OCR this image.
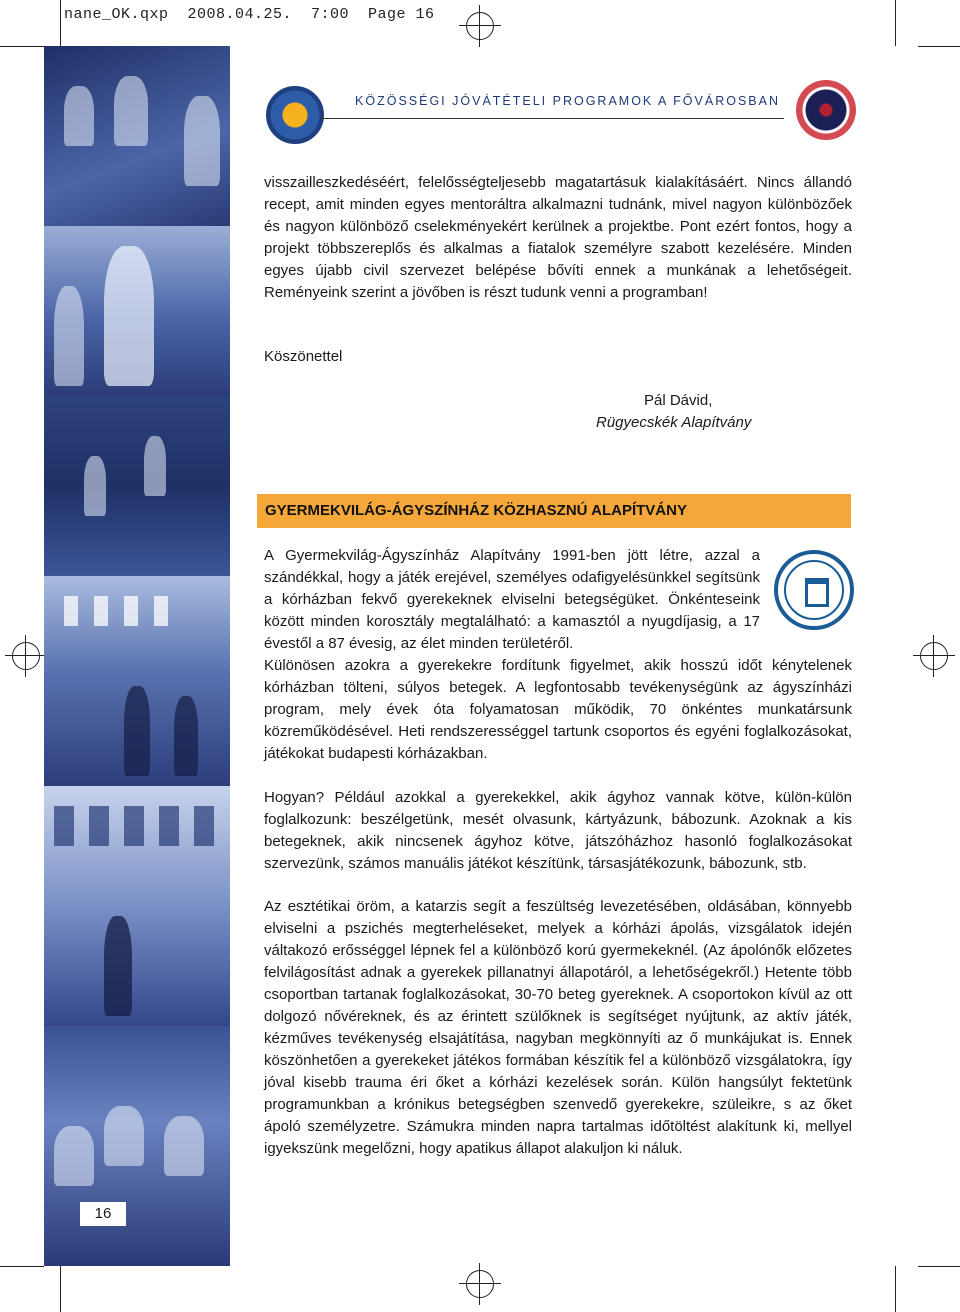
nane_OK.qxp  2008.04.25.  7:00  Page 16
16
KÖZÖSSÉGI JÓVÁTÉTELI PROGRAMOK A FŐVÁROSBAN

visszailleszkedéséért, felelősségteljesebb magatartásuk kialakításáért. Nincs állandó recept, amit minden egyes mentoráltra alkalmazni tudnánk, mivel nagyon különbözőek és nagyon különböző cselekményekért kerülnek a projektbe. Pont ezért fontos, hogy a projekt többszereplős és alkalmas a fiatalok személyre szabott kezelésére. Minden egyes újabb civil szervezet belépése bővíti ennek a munkának a lehetőségeit. Reményeink szerint a jövőben is részt tudunk venni a programban!

Köszönettel

Pál Dávid,
Rügyecskék Alapítvány
GYERMEKVILÁG-ÁGYSZÍNHÁZ KÖZHASZNÚ ALAPÍTVÁNY

A Gyermekvilág-Ágyszínház Alapítvány 1991-ben jött létre, azzal a szándékkal, hogy a játék erejével, személyes odafigyelésünkkel segítsünk a kórházban fekvő gyerekeknek elviselni betegségüket. Önkénteseink között minden korosztály megtalálható: a kamasztól a nyugdíjasig, a 17 évestől a 87 évesig, az élet minden területéről.

Különösen azokra a gyerekekre fordítunk figyelmet, akik hosszú időt kénytelenek kórházban tölteni, súlyos betegek. A legfontosabb tevékenységünk az ágyszínházi program, mely évek óta folyamatosan működik, 70 önkéntes munkatársunk közreműködésével. Heti rendszerességgel tartunk csoportos és egyéni foglalkozásokat, játékokat budapesti kórházakban.

Hogyan? Például azokkal a gyerekekkel, akik ágyhoz vannak kötve, külön-külön foglalkozunk: beszélgetünk, mesét olvasunk, kártyázunk, bábozunk. Azoknak a kis betegeknek, akik nincsenek ágyhoz kötve, játszóházhoz hasonló foglalkozásokat szervezünk, számos manuális játékot készítünk, társasjátékozunk, bábozunk, stb.

Az esztétikai öröm, a katarzis segít a feszültség levezetésében, oldásában, könnyebb elviselni a pszichés megterheléseket, melyek a kórházi ápolás, vizsgálatok idején váltakozó erősséggel lépnek fel a különböző korú gyermekeknél. (Az ápolónők előzetes felvilágosítást adnak a gyerekek pillanatnyi állapotáról, a lehetőségekről.) Hetente több csoportban tartanak foglalkozásokat, 30-70 beteg gyereknek. A csoportokon kívül az ott dolgozó nővéreknek, és az érintett szülőknek is segítséget nyújtunk, az aktív játék, kézműves tevékenység elsajátítása, nagyban megkönnyíti az ő munkájukat is. Ennek köszönhetően a gyerekeket játékos formában készítik fel a különböző vizsgálatokra, így jóval kisebb trauma éri őket a kórházi kezelések során. Külön hangsúlyt fektetünk programunkban a krónikus betegségben szenvedő gyerekekre, szüleikre, s az őket ápoló személyzetre. Számukra minden napra tartalmas időtöltést alakítunk ki, mellyel igyekszünk megelőzni, hogy apatikus állapot alakuljon ki náluk.
